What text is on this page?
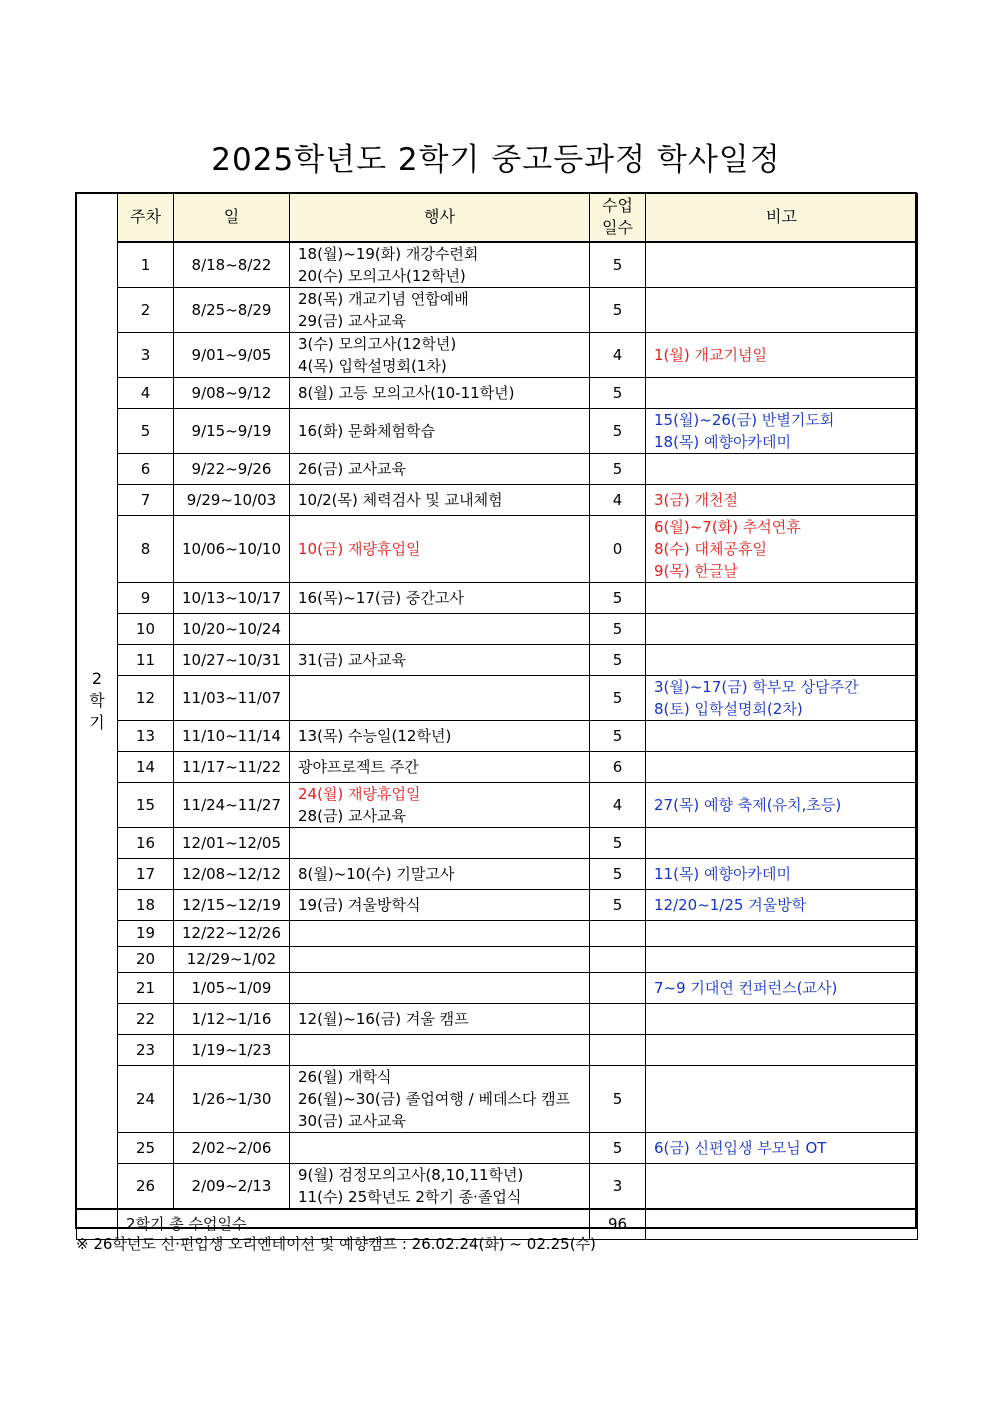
2025학년도 2학기 중고등과정 학사일정
2
학
기	주차	일	행사	수업
일수	비고
	1	8/18~8/22	18(월)~19(화) 개강수련회
20(수) 모의고사(12학년)	5	
	2	8/25~8/29	28(목) 개교기념 연합예배
29(금) 교사교육	5	
	3	9/01~9/05	3(수) 모의고사(12학년)
4(목) 입학설명회(1차)	4	1(월) 개교기념일

	4	9/08~9/12	8(월) 고등 모의고사(10-11학년)	5	
	5	9/15~9/19	16(화) 문화체험학습	5	15(월)~26(금) 반별기도회
18(목) 예향아카데미

	6	9/22~9/26	26(금) 교사교육	5	
	7	9/29~10/03	10/2(목) 체력검사 및 교내체험	4	3(금) 개천절

	8	10/06~10/10	10(금) 재량휴업일	0	6(월)~7(화) 추석연휴
8(수) 대체공휴일
9(목) 한글날

	9	10/13~10/17	16(목)~17(금) 중간고사	5	
	10	10/20~10/24		5	
	11	10/27~10/31	31(금) 교사교육	5	
	12	11/03~11/07		5	3(월)~17(금) 학부모 상담주간
8(토) 입학설명회(2차)

	13	11/10~11/14	13(목) 수능일(12학년)	5	
	14	11/17~11/22	광야프로젝트 주간	6	
	15	11/24~11/27	24(월) 재량휴업일
28(금) 교사교육	4	27(목) 예향 축제(유치,초등)

	16	12/01~12/05		5	
	17	12/08~12/12	8(월)~10(수) 기말고사	5	11(목) 예향아카데미

	18	12/15~12/19	19(금) 겨울방학식	5	12/20~1/25 겨울방학

	19	12/22~12/26			
	20	12/29~1/02			
	21	1/05~1/09			7~9 기대연 컨퍼런스(교사)

	22	1/12~1/16	12(월)~16(금) 겨울 캠프		

	23	1/19~1/23			
	24	1/26~1/30	26(월) 개학식
26(월)~30(금) 졸업여행 / 베데스다 캠프
30(금) 교사교육	5	
	25	2/02~2/06		5	6(금) 신편입생 부모님 OT

	26	2/09~2/13	9(월) 검정모의고사(8,10,11학년)
11(수) 25학년도 2학기 종·졸업식	3	
	2학기 총 수업일수			96	
※ 26학년도 신·편입생 오리엔테이션 및 예향캠프 : 26.02.24(화) ~ 02.25(수)
